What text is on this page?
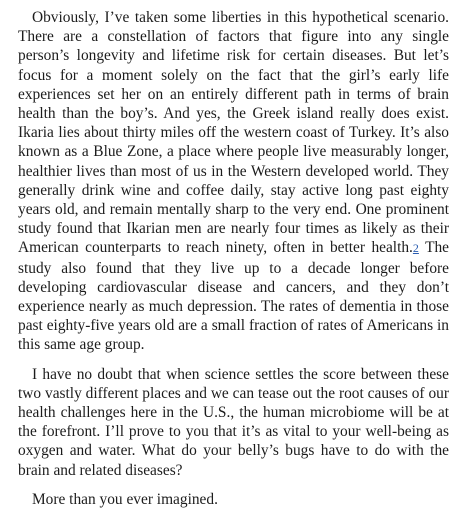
Obviously, I’ve taken some liberties in this hypothetical scenario. There are a constellation of factors that figure into any single person’s longevity and lifetime risk for certain diseases. But let’s focus for a moment solely on the fact that the girl’s early life experiences set her on an entirely different path in terms of brain health than the boy’s. And yes, the Greek island really does exist. Ikaria lies about thirty miles off the western coast of Turkey. It’s also known as a Blue Zone, a place where people live measurably longer, healthier lives than most of us in the Western developed world. They generally drink wine and coffee daily, stay active long past eighty years old, and remain mentally sharp to the very end. One prominent study found that Ikarian men are nearly four times as likely as their American counterparts to reach ninety, often in better health.2 The study also found that they live up to a decade longer before developing cardiovascular disease and cancers, and they don’t experience nearly as much depression. The rates of dementia in those past eighty-five years old are a small fraction of rates of Americans in this same age group.

I have no doubt that when science settles the score between these two vastly different places and we can tease out the root causes of our health challenges here in the U.S., the human microbiome will be at the forefront. I’ll prove to you that it’s as vital to your well-being as oxygen and water. What do your belly’s bugs have to do with the brain and related diseases?

More than you ever imagined.
